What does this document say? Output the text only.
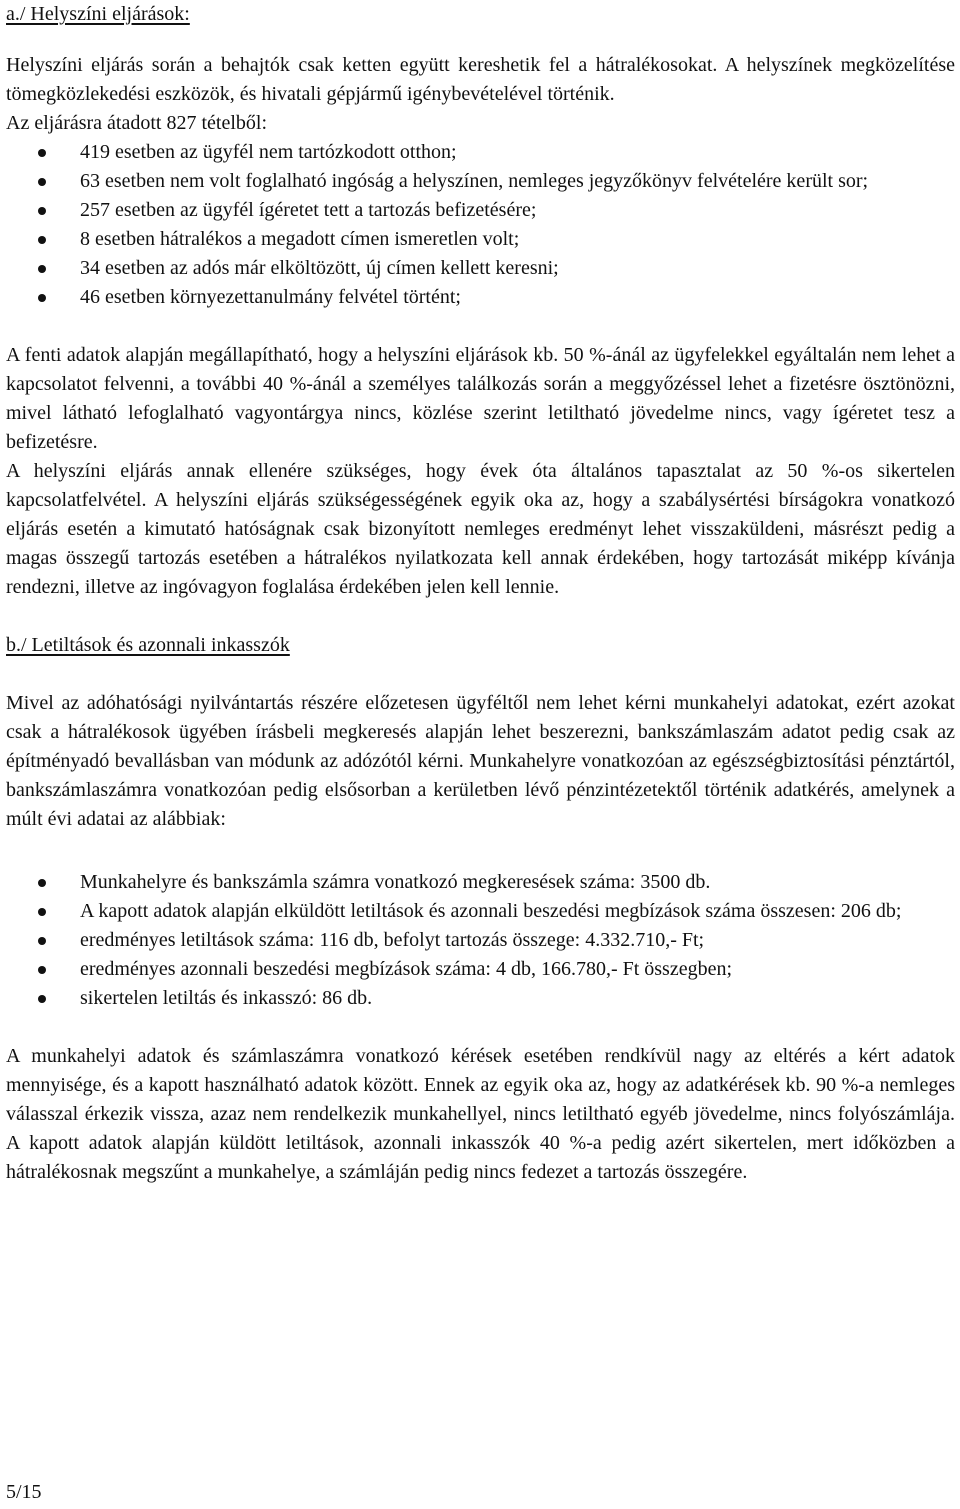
a./ Helyszíni eljárások:

Helyszíni eljárás során a behajtók csak ketten együtt kereshetik fel a hátralékosokat. A helyszínek megközelítése tömegközlekedési eszközök, és hivatali gépjármű igénybevételével történik.

Az eljárásra átadott 827 tételből:

419 esetben az ügyfél nem tartózkodott otthon;
63 esetben nem volt foglalható ingóság a helyszínen, nemleges jegyzőkönyv felvételére került sor;
257 esetben az ügyfél ígéretet tett a tartozás befizetésére;
8 esetben hátralékos a megadott címen ismeretlen volt;
34 esetben az adós már elköltözött, új címen kellett keresni;
46 esetben környezettanulmány felvétel történt;

A fenti adatok alapján megállapítható, hogy a helyszíni eljárások kb. 50 %-ánál az ügyfelekkel egyáltalán nem lehet a kapcsolatot felvenni, a további 40 %-ánál a személyes találkozás során a meggyőzéssel lehet a fizetésre ösztönözni, mivel látható lefoglalható vagyontárgya nincs, közlése szerint letiltható jövedelme nincs, vagy ígéretet tesz a befizetésre.

A helyszíni eljárás annak ellenére szükséges, hogy évek óta általános tapasztalat az 50 %-os sikertelen kapcsolatfelvétel. A helyszíni eljárás szükségességének egyik oka az, hogy a szabálysértési bírságokra vonatkozó eljárás esetén a kimutató hatóságnak csak bizonyított nemleges eredményt lehet visszaküldeni, másrészt pedig a magas összegű tartozás esetében a hátralékos nyilatkozata kell annak érdekében, hogy tartozását miképp kívánja rendezni, illetve az ingóvagyon foglalása érdekében jelen kell lennie.

b./ Letiltások és azonnali inkasszók

Mivel az adóhatósági nyilvántartás részére előzetesen ügyféltől nem lehet kérni munkahelyi adatokat, ezért azokat csak a hátralékosok ügyében írásbeli megkeresés alapján lehet beszerezni, bankszámlaszám adatot pedig csak az építményadó bevallásban van módunk az adózótól kérni. Munkahelyre vonatkozóan az egészségbiztosítási pénztártól, bankszámlaszámra vonatkozóan pedig elsősorban a kerületben lévő pénzintézetektől történik adatkérés, amelynek a múlt évi adatai az alábbiak:

Munkahelyre és bankszámla számra vonatkozó megkeresések száma: 3500 db.
A kapott adatok alapján elküldött letiltások és azonnali beszedési megbízások száma összesen: 206 db;
eredményes letiltások száma: 116 db, befolyt tartozás összege: 4.332.710,- Ft;
eredményes azonnali beszedési megbízások száma: 4 db, 166.780,- Ft összegben;
sikertelen letiltás és inkasszó: 86 db.

A munkahelyi adatok és számlaszámra vonatkozó kérések esetében rendkívül nagy az eltérés a kért adatok mennyisége, és a kapott használható adatok között. Ennek az egyik oka az, hogy az adatkérések kb. 90 %-a nemleges válasszal érkezik vissza, azaz nem rendelkezik munkahellyel, nincs letiltható egyéb jövedelme, nincs folyószámlája. A kapott adatok alapján küldött letiltások, azonnali inkasszók 40 %-a pedig azért sikertelen, mert időközben a hátralékosnak megszűnt a munkahelye, a számláján pedig nincs fedezet a tartozás összegére.

5/15
